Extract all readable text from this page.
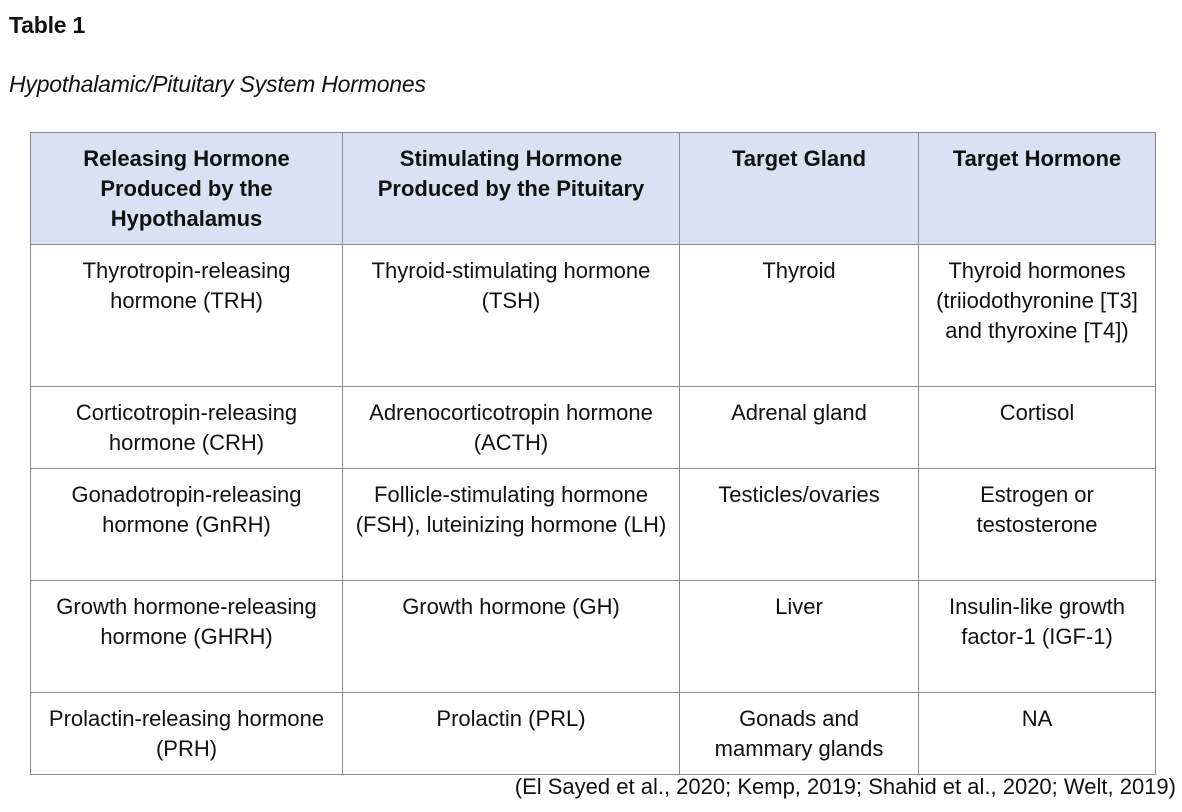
Table 1
Hypothalamic/Pituitary System Hormones
Releasing Hormone Produced by the Hypothalamus	Stimulating Hormone Produced by the Pituitary	Target Gland	Target Hormone
Thyrotropin-releasing hormone (TRH)	Thyroid-stimulating hormone (TSH)	Thyroid	Thyroid hormones (triiodothyronine [T3] and thyroxine [T4])
Corticotropin-releasing hormone (CRH)	Adrenocorticotropin hormone (ACTH)	Adrenal gland	Cortisol
Gonadotropin-releasing hormone (GnRH)	Follicle-stimulating hormone (FSH), luteinizing hormone (LH)	Testicles/ovaries	Estrogen or testosterone
Growth hormone-releasing hormone (GHRH)	Growth hormone (GH)	Liver	Insulin-like growth factor-1 (IGF-1)
Prolactin-releasing hormone (PRH)	Prolactin (PRL)	Gonads and mammary glands	NA
(El Sayed et al., 2020; Kemp, 2019; Shahid et al., 2020; Welt, 2019)
